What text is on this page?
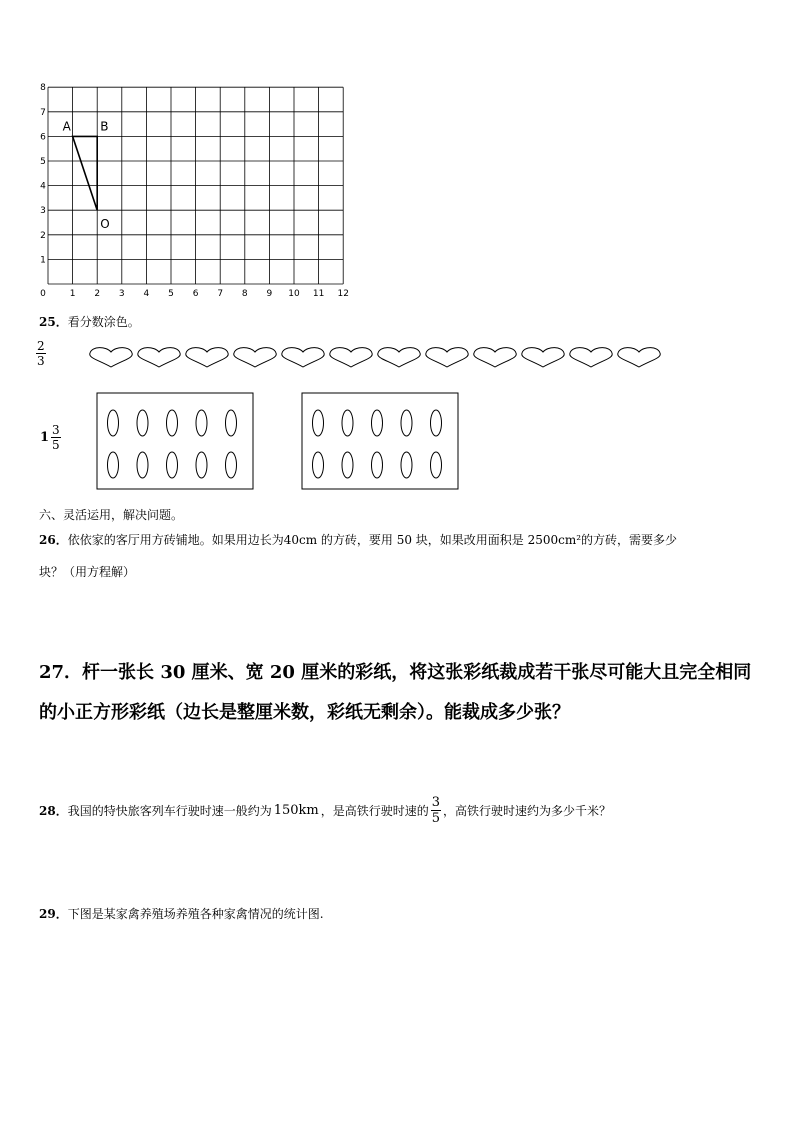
0	1 2 3 4 5 6 7 8 9 10 11 12
1
2
3
4
5
6
7
8
A B
O
25．看分数涂色。
$\frac{2}{3}$
$1 \frac{3}{5}$
六、灵活运用，解决问题。
26．依依家的客厅用方砖铺地。如果用边长为40cm 的方砖，要用 50 块，如果改用面积是 2500cm²的方砖，需要多少
块？（用方程解）
27．杆一张长 30 厘米、宽 20 厘米的彩纸，将这张彩纸裁成若干张尽可能大且完全相同
的小正方形彩纸（边长是整厘米数，彩纸无剩余）。能裁成多少张？
28． 我国的特快旅客列车行驶时速一般约为 150km ，是高铁行驶时速的 $\frac{3}{5}$ ，高铁行驶时速约为多少千米？
29．下图是某家禽养殖场养殖各种家禽情况的统计图.
